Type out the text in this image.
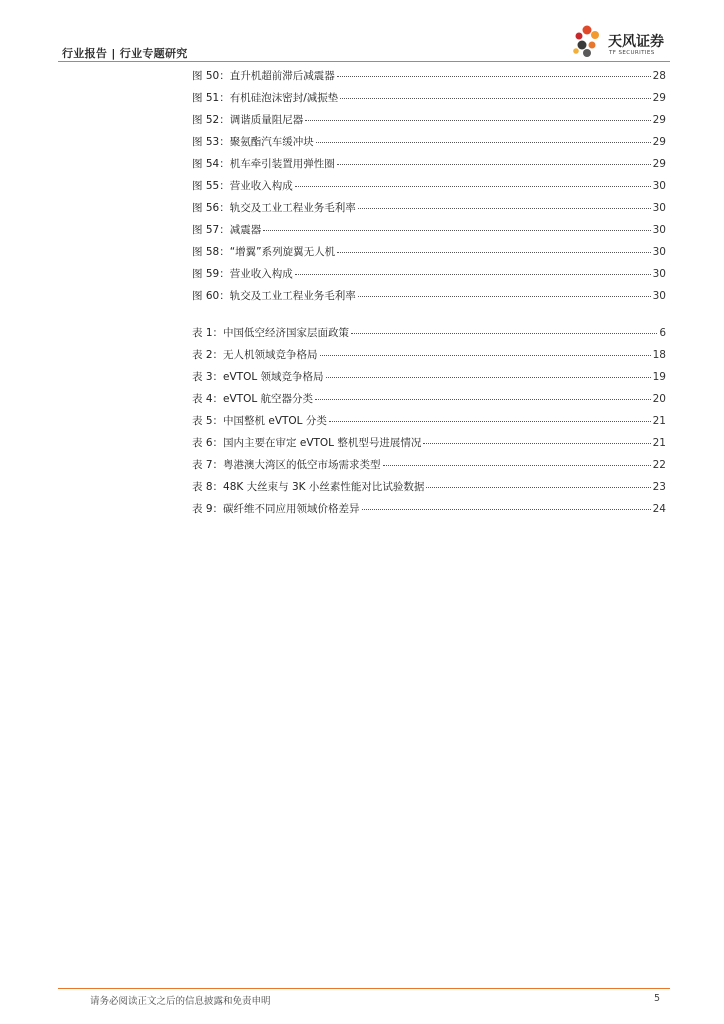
行业报告 | 行业专题研究
天风证券
TF SECURITIES
图 50：直升机超前滞后减震器	28
图 51：有机硅泡沫密封/减振垫	29
图 52：调谐质量阻尼器	29
图 53：聚氨酯汽车缓冲块	29
图 54：机车牵引装置用弹性圈	29
图 55：营业收入构成	30
图 56：轨交及工业工程业务毛利率	30
图 57：减震器	30
图 58：“增翼”系列旋翼无人机	30
图 59：营业收入构成	30
图 60：轨交及工业工程业务毛利率	30
表 1：中国低空经济国家层面政策	6
表 2：无人机领域竞争格局	18
表 3：eVTOL 领域竞争格局	19
表 4：eVTOL 航空器分类	20
表 5：中国整机 eVTOL 分类	21
表 6：国内主要在审定 eVTOL 整机型号进展情况	21
表 7：粤港澳大湾区的低空市场需求类型	22
表 8：48K 大丝束与 3K 小丝素性能对比试验数据	23
表 9：碳纤维不同应用领域价格差异	24
请务必阅读正文之后的信息披露和免责申明	5
